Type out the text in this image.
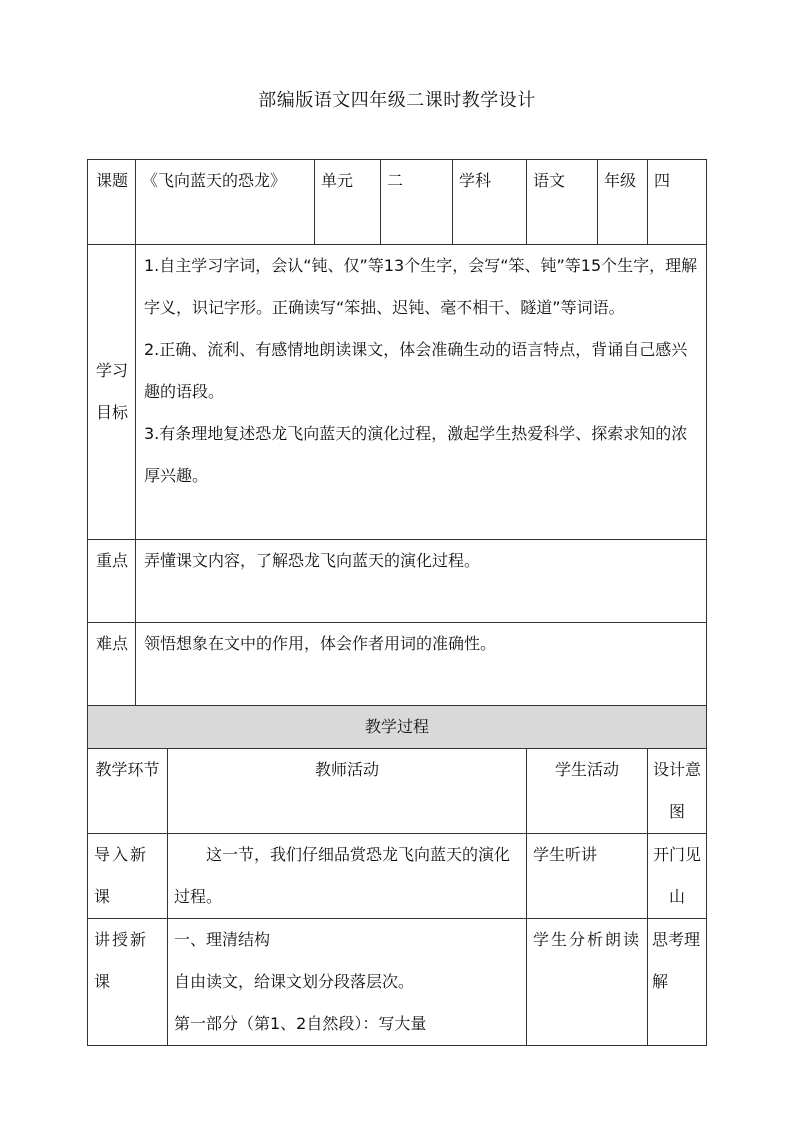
部编版语文四年级二课时教学设计
课题	《飞向蓝天的恐龙》		单元	二	学科	语文	年级	四
学习目标	1.自主学习字词，会认“钝、仅”等13个生字，会写“笨、钝”等15个生字，理解字义，识记字形。正确读写“笨拙、迟钝、毫不相干、隧道”等词语。
2.正确、流利、有感情地朗读课文，体会准确生动的语言特点，背诵自己感兴趣的语段。
3.有条理地复述恐龙飞向蓝天的演化过程，激起学生热爱科学、探索求知的浓厚兴趣。							

重点	弄懂课文内容，了解恐龙飞向蓝天的演化过程。							
难点	领悟想象在文中的作用，体会作者用词的准确性。							
教学过程								
教学环节		教师活动				学生活动		设计意图
导入新课		这一节，我们仔细品赏恐龙飞向蓝天的演化过程。				学生听讲		开门见山
讲授新课		一、理清结构
自由读文，给课文划分段落层次。
第一部分（第1、2自然段）：写大量				学生分析朗读		思考理解
